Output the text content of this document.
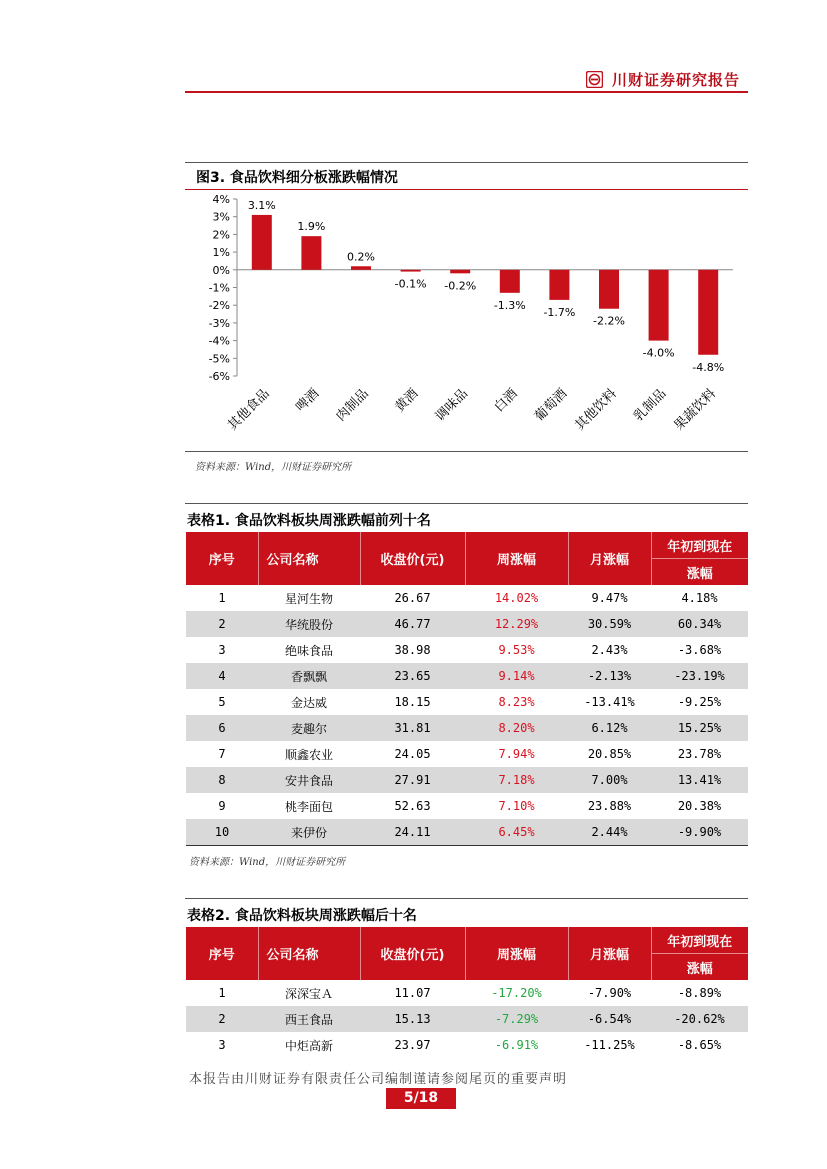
川财证券研究报告
图3. 食品饮料细分板涨跌幅情况
4%
3%
2%
1%
0%
-1%
-2%
-3%
-4%
-5%
-6%
3.1%
其他食品
1.9%
啤酒
0.2%
肉制品
-0.1%
黄酒
-0.2%
调味品
-1.3%
白酒
-1.7%
葡萄酒
-2.2%
其他饮料
-4.0%
乳制品
-4.8%
果蔬饮料
资料来源：Wind，川财证券研究所
表格1. 食品饮料板块周涨跌幅前列十名
序号	公司名称	收盘价(元)	周涨幅	月涨幅	年初到现在
涨幅

1	星河生物	26.67	14.02%	9.47%	4.18%
2	华统股份	46.77	12.29%	30.59%	60.34%
3	绝味食品	38.98	9.53%	2.43%	-3.68%
4	香飘飘	23.65	9.14%	-2.13%	-23.19%
5	金达威	18.15	8.23%	-13.41%	-9.25%
6	麦趣尔	31.81	8.20%	6.12%	15.25%
7	顺鑫农业	24.05	7.94%	20.85%	23.78%
8	安井食品	27.91	7.18%	7.00%	13.41%
9	桃李面包	52.63	7.10%	23.88%	20.38%
10	来伊份	24.11	6.45%	2.44%	-9.90%
资料来源：Wind，川财证券研究所
表格2. 食品饮料板块周涨跌幅后十名
序号	公司名称	收盘价(元)	周涨幅	月涨幅	年初到现在
涨幅

1	深深宝Ａ	11.07	-17.20%	-7.90%	-8.89%
2	西王食品	15.13	-7.29%	-6.54%	-20.62%
3	中炬高新	23.97	-6.91%	-11.25%	-8.65%
本报告由川财证券有限责任公司编制谨请参阅尾页的重要声明
5/18
